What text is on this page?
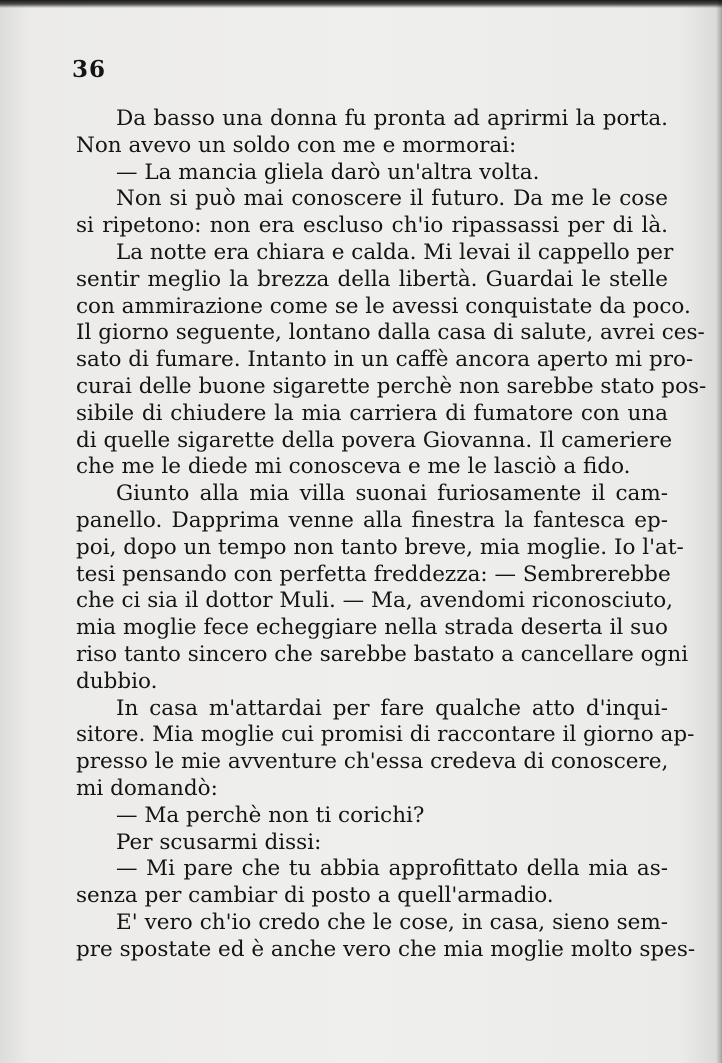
36
Da basso una donna fu pronta ad aprirmi la porta.
Non avevo un soldo con me e mormorai:
— La mancia gliela darò un'altra volta.
Non si può mai conoscere il futuro. Da me le cose
si ripetono: non era escluso ch'io ripassassi per di là.
La notte era chiara e calda. Mi levai il cappello per
sentir meglio la brezza della libertà. Guardai le stelle
con ammirazione come se le avessi conquistate da poco.
Il giorno seguente, lontano dalla casa di salute, avrei ces-
sato di fumare. Intanto in un caffè ancora aperto mi pro-
curai delle buone sigarette perchè non sarebbe stato pos-
sibile di chiudere la mia carriera di fumatore con una
di quelle sigarette della povera Giovanna. Il cameriere
che me le diede mi conosceva e me le lasciò a fido.
Giunto alla mia villa suonai furiosamente il cam-
panello. Dapprima venne alla finestra la fantesca ep-
poi, dopo un tempo non tanto breve, mia moglie. Io l'at-
tesi pensando con perfetta freddezza: — Sembrerebbe
che ci sia il dottor Muli. — Ma, avendomi riconosciuto,
mia moglie fece echeggiare nella strada deserta il suo
riso tanto sincero che sarebbe bastato a cancellare ogni
dubbio.
In casa m'attardai per fare qualche atto d'inqui-
sitore. Mia moglie cui promisi di raccontare il giorno ap-
presso le mie avventure ch'essa credeva di conoscere,
mi domandò:
— Ma perchè non ti corichi?
Per scusarmi dissi:
— Mi pare che tu abbia approfittato della mia as-
senza per cambiar di posto a quell'armadio.
E' vero ch'io credo che le cose, in casa, sieno sem-
pre spostate ed è anche vero che mia moglie molto spes-
